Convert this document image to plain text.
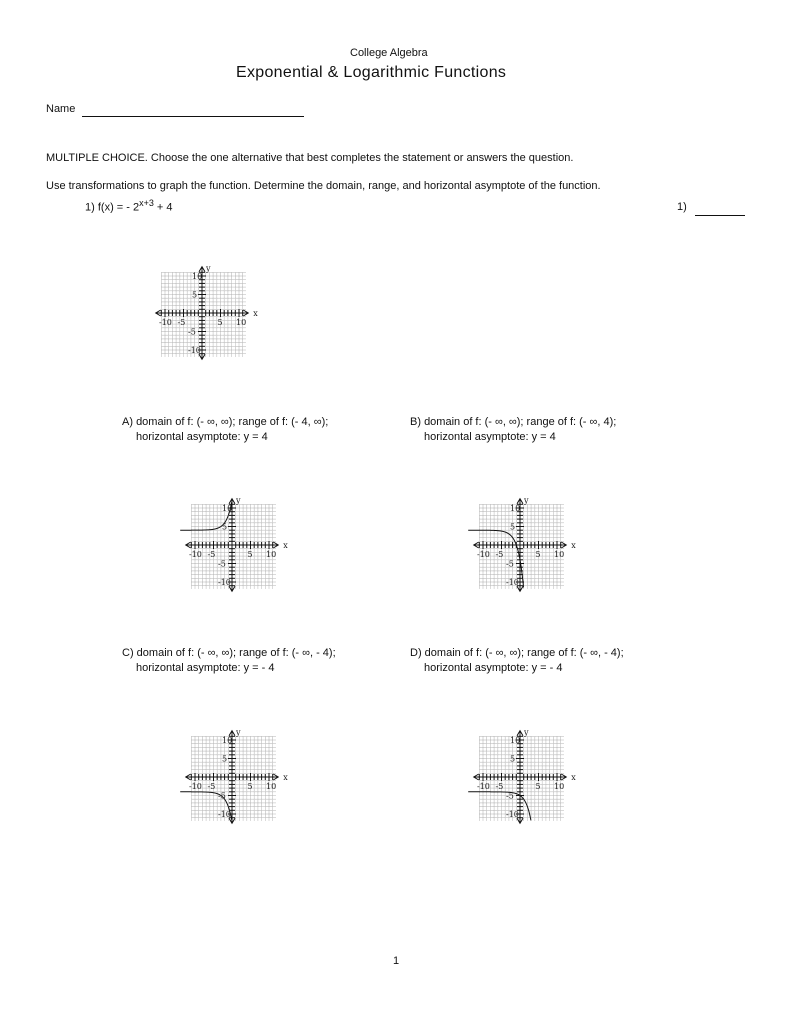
College Algebra
Exponential & Logarithmic Functions
Name
MULTIPLE CHOICE. Choose the one alternative that best completes the statement or answers the question.
Use transformations to graph the function. Determine the domain, range, and horizontal asymptote of the function.
1) f(x) = - $2^{x+3} + 4$	1)
-10 -5	5 10
10
5
-5
-10
x
y
A) domain of f: (- ∞, ∞); range of f: (- 4, ∞);
horizontal asymptote: y = 4
B) domain of f: (- ∞, ∞); range of f: (- ∞, 4);
horizontal asymptote: y = 4
-10 -5	5 10
10
5
-5
-10
x
y
-10 -5	5 10
10
5
-5
-10
x
y
C) domain of f: (- ∞, ∞); range of f: (- ∞, - 4);
horizontal asymptote: y = - 4
D) domain of f: (- ∞, ∞); range of f: (- ∞, - 4);
horizontal asymptote: y = - 4
-10 -5	5 10
10
5
-5
-10
x
y
-10 -5	5 10
10
5
-5
-10
x
y
1
